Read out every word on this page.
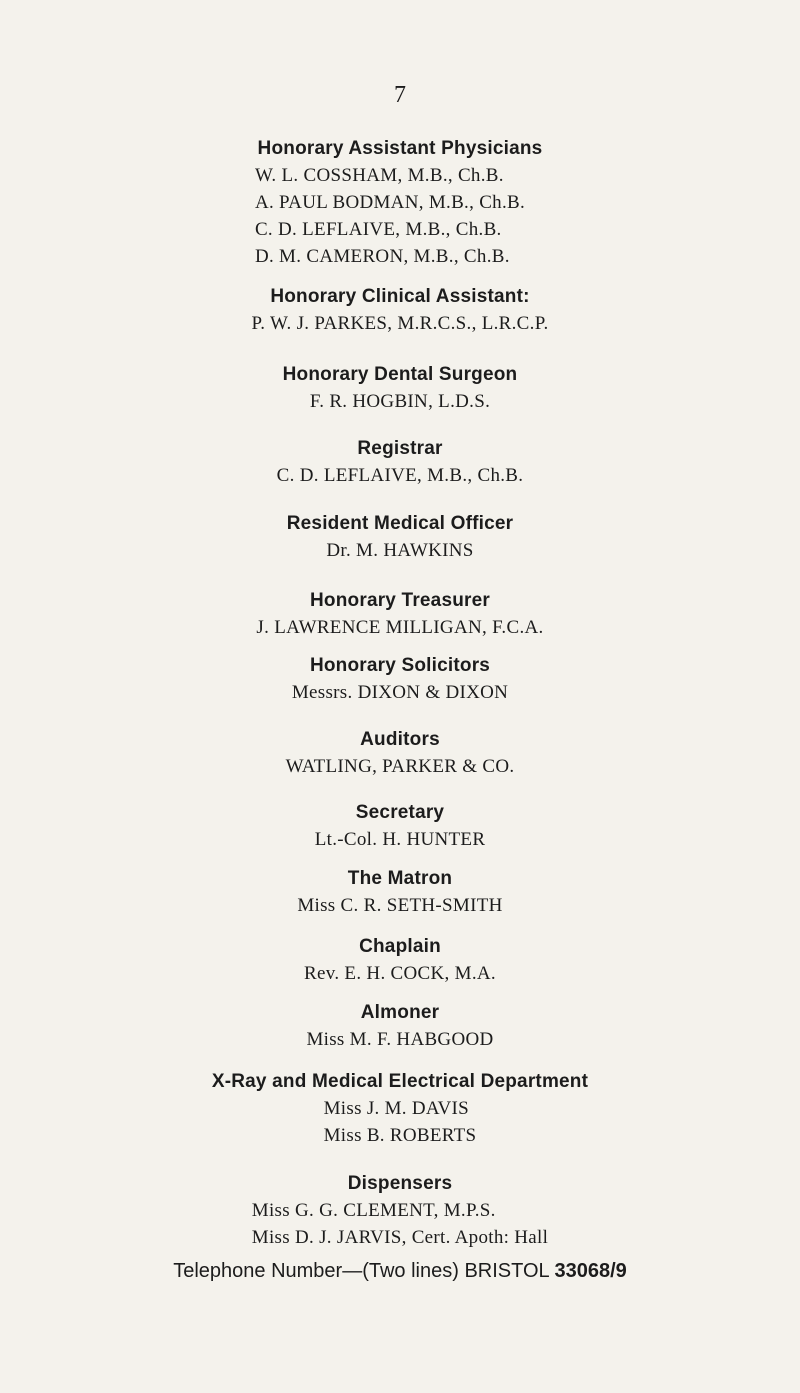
7
Honorary Assistant Physicians
W. L. COSSHAM, M.B., Ch.B.
A. PAUL BODMAN, M.B., Ch.B.
C. D. LEFLAIVE, M.B., Ch.B.
D. M. CAMERON, M.B., Ch.B.
Honorary Clinical Assistant:
P. W. J. PARKES, M.R.C.S., L.R.C.P.
Honorary Dental Surgeon
F. R. HOGBIN, L.D.S.
Registrar
C. D. LEFLAIVE, M.B., Ch.B.
Resident Medical Officer
Dr. M. HAWKINS
Honorary Treasurer
J. LAWRENCE MILLIGAN, F.C.A.
Honorary Solicitors
Messrs. DIXON & DIXON
Auditors
WATLING, PARKER & CO.
Secretary
Lt.-Col. H. HUNTER
The Matron
Miss C. R. SETH-SMITH
Chaplain
Rev. E. H. COCK, M.A.
Almoner
Miss M. F. HABGOOD
X-Ray and Medical Electrical Department
Miss J. M. DAVIS
Miss B. ROBERTS
Dispensers
Miss G. G. CLEMENT, M.P.S.
Miss D. J. JARVIS, Cert. Apoth: Hall
Telephone Number—(Two lines) BRISTOL 33068/9
